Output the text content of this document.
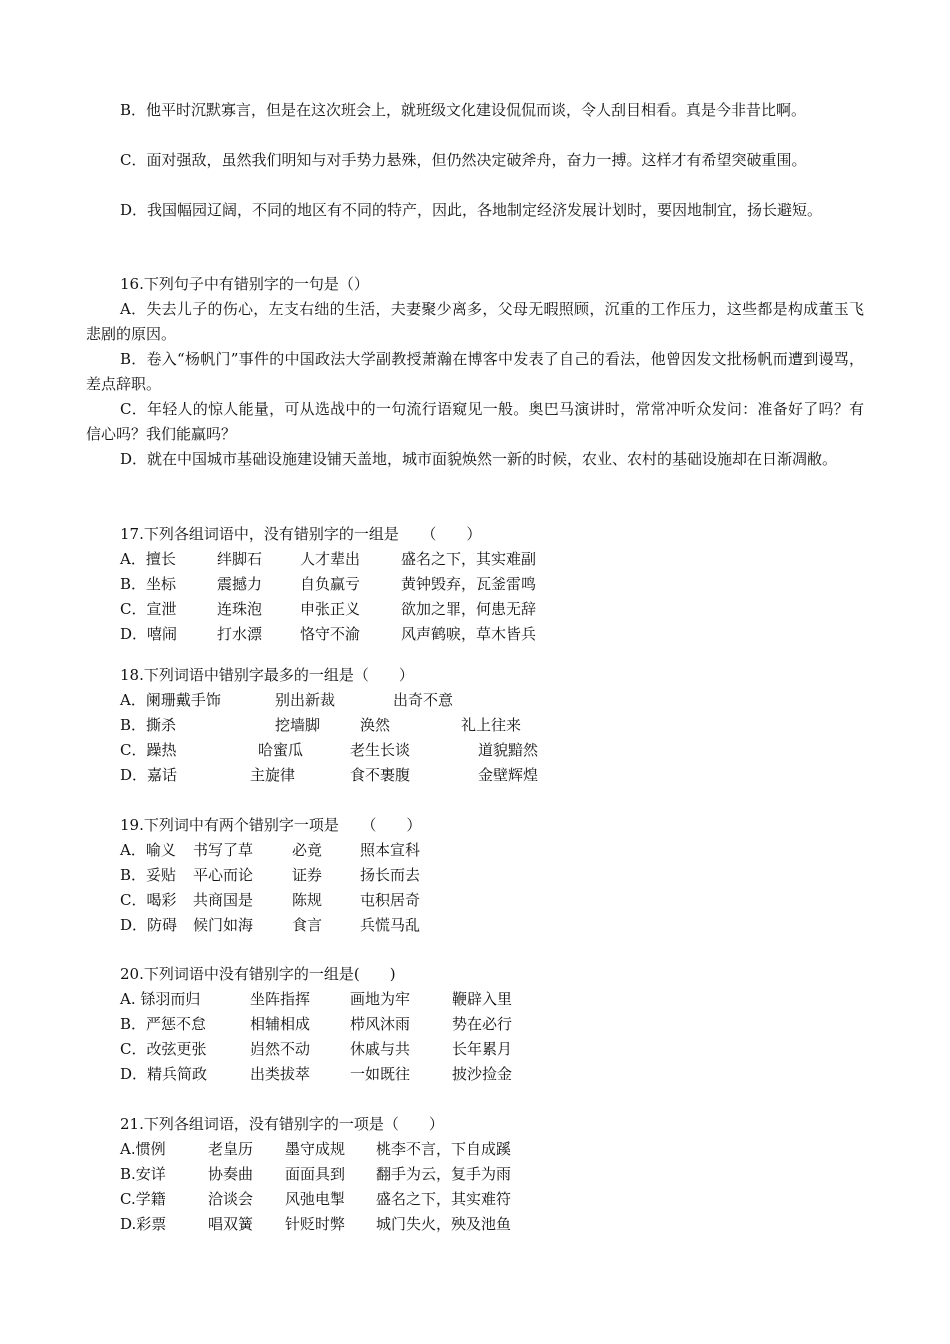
B．他平时沉默寡言，但是在这次班会上，就班级文化建设侃侃而谈，令人刮目相看。真是今非昔比啊。

C．面对强敌，虽然我们明知与对手势力悬殊，但仍然决定破斧舟，奋力一搏。这样才有希望突破重围。

D．我国幅园辽阔，不同的地区有不同的特产，因此，各地制定经济发展计划时，要因地制宜，扬长避短。

16.下列句子中有错别字的一句是（）

A．失去儿子的伤心，左支右绌的生活，夫妻聚少离多，父母无暇照顾，沉重的工作压力，这些都是构成董玉飞悲剧的原因。

B．卷入“杨帆门”事件的中国政法大学副教授萧瀚在博客中发表了自己的看法，他曾因发文批杨帆而遭到谩骂，差点辞职。

C．年轻人的惊人能量，可从选战中的一句流行语窥见一般。奥巴马演讲时，常常冲听众发问：准备好了吗？有信心吗？我们能赢吗？

D．就在中国城市基础设施建设铺天盖地，城市面貌焕然一新的时候，农业、农村的基础设施却在日渐凋敝。

17.下列各组词语中，没有错别字的一组是　　（　　）

A．擅长	绊脚石	人才辈出	盛名之下，其实难副
B．坐标	震撼力	自负赢亏	黄钟毁弃，瓦釜雷鸣
C．宣泄	连珠泡	申张正义	欲加之罪，何患无辞
D．嘻闹	打水漂	恪守不渝	风声鹤唳，草木皆兵

18.下列词语中错别字最多的一组是（　　）

A．阑珊戴手饰	别出新裁	出奇不意
B．撕杀	挖墙脚	涣然	礼上往来
C．躁热	哈蜜瓜	老生长谈	道貌黯然
D．嘉话	主旋律	食不裹腹	金壁辉煌

19.下列词中有两个错别字一项是　　（　　）

A．喻义 书写了草	必竟	照本宣科
B．妥贴 平心而论	证券	扬长而去
C．喝彩 共商国是	陈规	屯积居奇
D．防碍 候门如海	食言	兵慌马乱

20.下列词语中没有错别字的一组是(　　)

A. 铩羽而归	坐阵指挥	画地为牢	鞭辟入里
B．严惩不怠	相辅相成	栉风沐雨	势在必行
C．改弦更张	岿然不动	休戚与共	长年累月
D．精兵简政	出类拔萃	一如既往	披沙捡金

21.下列各组词语，没有错别字的一项是（　　）

A.惯例	老皇历 墨守成规 桃李不言，下自成蹊
B.安详	协奏曲 面面具到 翻手为云，复手为雨
C.学籍	洽谈会 风弛电掣 盛名之下，其实难符
D.彩票	唱双簧 针贬时弊 城门失火，殃及池鱼
